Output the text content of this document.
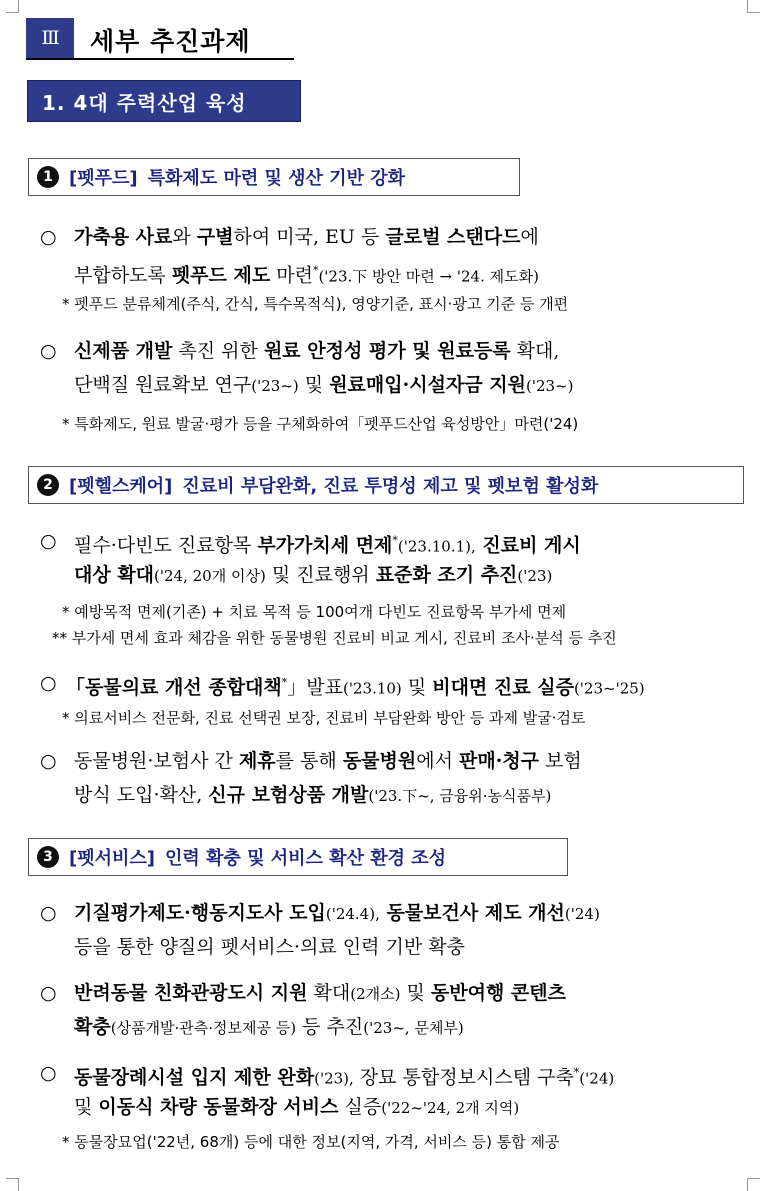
Ⅲ	세부 추진과제
1. 4대 주력산업 육성
1 [펫푸드] 특화제도 마련 및 생산 기반 강화
○ 가축용 사료와 구별하여 미국, EU 등 글로벌 스탠다드에
부합하도록 펫푸드 제도 마련*('23.下 방안 마련 → '24. 제도화)
* 펫푸드 분류체계(주식, 간식, 특수목적식), 영양기준, 표시·광고 기준 등 개편
○ 신제품 개발 촉진 위한 원료 안정성 평가 및 원료등록 확대,
단백질 원료확보 연구('23~) 및 원료매입·시설자금 지원('23~)
* 특화제도, 원료 발굴·평가 등을 구체화하여「펫푸드산업 육성방안」마련('24)
2 [펫헬스케어] 진료비 부담완화, 진료 투명성 제고 및 펫보험 활성화
○ 필수·다빈도 진료항목 부가가치세 면제*('23.10.1), 진료비 게시
대상 확대('24, 20개 이상) 및 진료행위 표준화 조기 추진('23)
* 예방목적 면제(기존) + 치료 목적 등 100여개 다빈도 진료항목 부가세 면제
** 부가세 면세 효과 체감을 위한 동물병원 진료비 비교 게시, 진료비 조사·분석 등 추진
○ 「동물의료 개선 종합대책*」발표('23.10) 및 비대면 진료 실증('23~'25)
* 의료서비스 전문화, 진료 선택권 보장, 진료비 부담완화 방안 등 과제 발굴·검토
○ 동물병원·보험사 간 제휴를 통해 동물병원에서 판매·청구 보험
방식 도입·확산, 신규 보험상품 개발('23.下~, 금융위·농식품부)
3 [펫서비스] 인력 확충 및 서비스 확산 환경 조성
○ 기질평가제도·행동지도사 도입('24.4), 동물보건사 제도 개선('24)
등을 통한 양질의 펫서비스·의료 인력 기반 확충
○ 반려동물 친화관광도시 지원 확대(2개소) 및 동반여행 콘텐츠
확충(상품개발·관측·정보제공 등) 등 추진('23~, 문체부)
○ 동물장례시설 입지 제한 완화('23), 장묘 통합정보시스템 구축*('24)
및 이동식 차량 동물화장 서비스 실증('22~'24, 2개 지역)
* 동물장묘업('22년, 68개) 등에 대한 정보(지역, 가격, 서비스 등) 통합 제공
